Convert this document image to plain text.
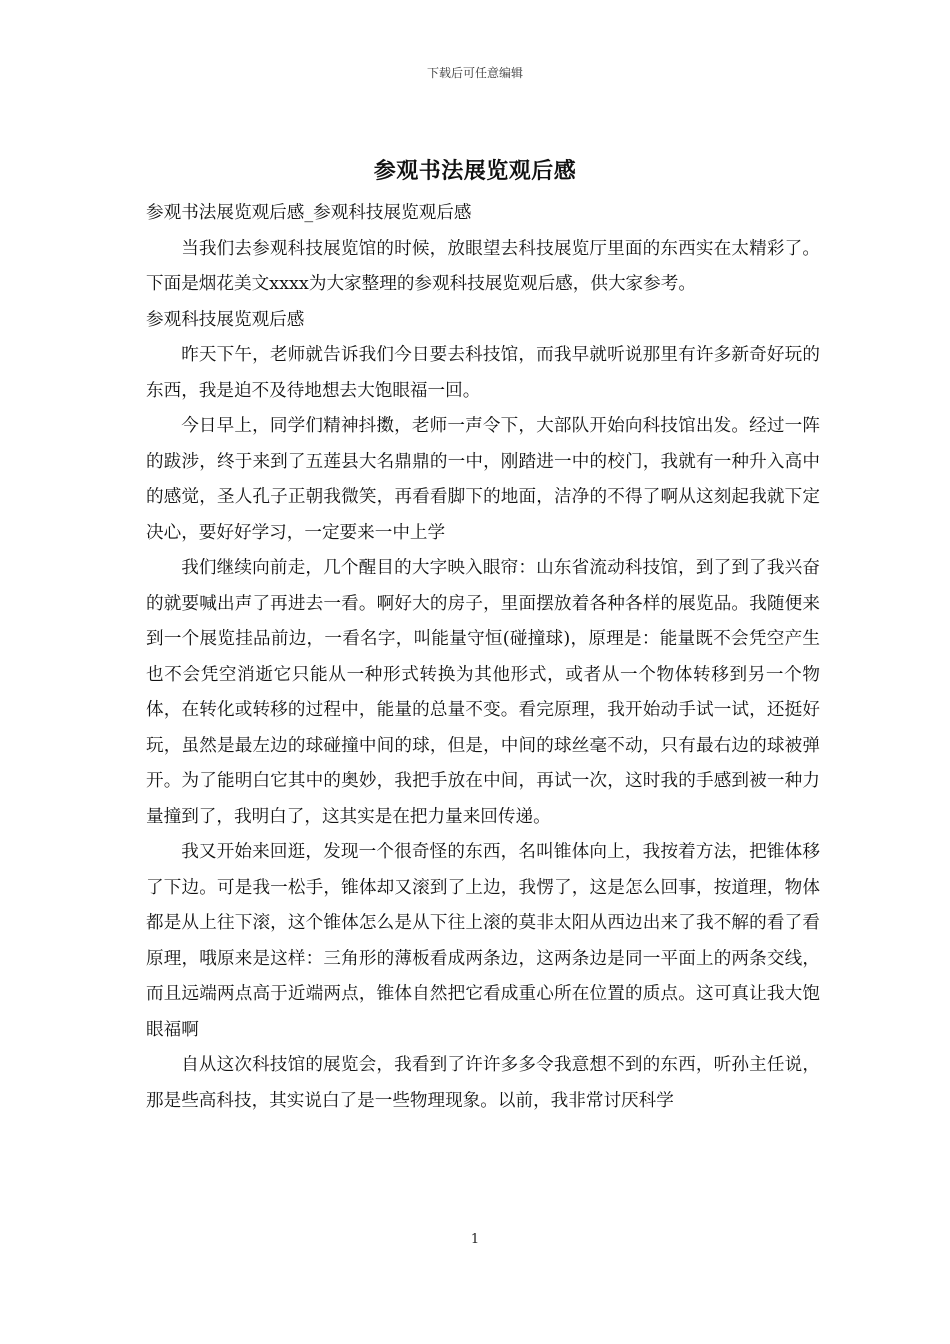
下载后可任意编辑
参观书法展览观后感

参观书法展览观后感_参观科技展览观后感

当我们去参观科技展览馆的时候，放眼望去科技展览厅里面的东西实在太精彩了。下面是烟花美文xxxx为大家整理的参观科技展览观后感，供大家参考。

参观科技展览观后感

昨天下午，老师就告诉我们今日要去科技馆，而我早就听说那里有许多新奇好玩的东西，我是迫不及待地想去大饱眼福一回。

今日早上，同学们精神抖擞，老师一声令下，大部队开始向科技馆出发。经过一阵的跋涉，终于来到了五莲县大名鼎鼎的一中，刚踏进一中的校门，我就有一种升入高中的感觉，圣人孔子正朝我微笑，再看看脚下的地面，洁净的不得了啊从这刻起我就下定决心，要好好学习，一定要来一中上学

我们继续向前走，几个醒目的大字映入眼帘：山东省流动科技馆，到了到了我兴奋的就要喊出声了再进去一看。啊好大的房子，里面摆放着各种各样的展览品。我随便来到一个展览挂品前边，一看名字，叫能量守恒(碰撞球)，原理是：能量既不会凭空产生也不会凭空消逝它只能从一种形式转换为其他形式，或者从一个物体转移到另一个物体，在转化或转移的过程中，能量的总量不变。看完原理，我开始动手试一试，还挺好玩，虽然是最左边的球碰撞中间的球，但是，中间的球丝毫不动，只有最右边的球被弹开。为了能明白它其中的奥妙，我把手放在中间，再试一次，这时我的手感到被一种力量撞到了，我明白了，这其实是在把力量来回传递。

我又开始来回逛，发现一个很奇怪的东西，名叫锥体向上，我按着方法，把锥体移了下边。可是我一松手，锥体却又滚到了上边，我愣了，这是怎么回事，按道理，物体都是从上往下滚，这个锥体怎么是从下往上滚的莫非太阳从西边出来了我不解的看了看原理，哦原来是这样：三角形的薄板看成两条边，这两条边是同一平面上的两条交线，而且远端两点高于近端两点，锥体自然把它看成重心所在位置的质点。这可真让我大饱眼福啊

自从这次科技馆的展览会，我看到了许许多多令我意想不到的东西，听孙主任说，那是些高科技，其实说白了是一些物理现象。以前，我非常讨厌科学

1
